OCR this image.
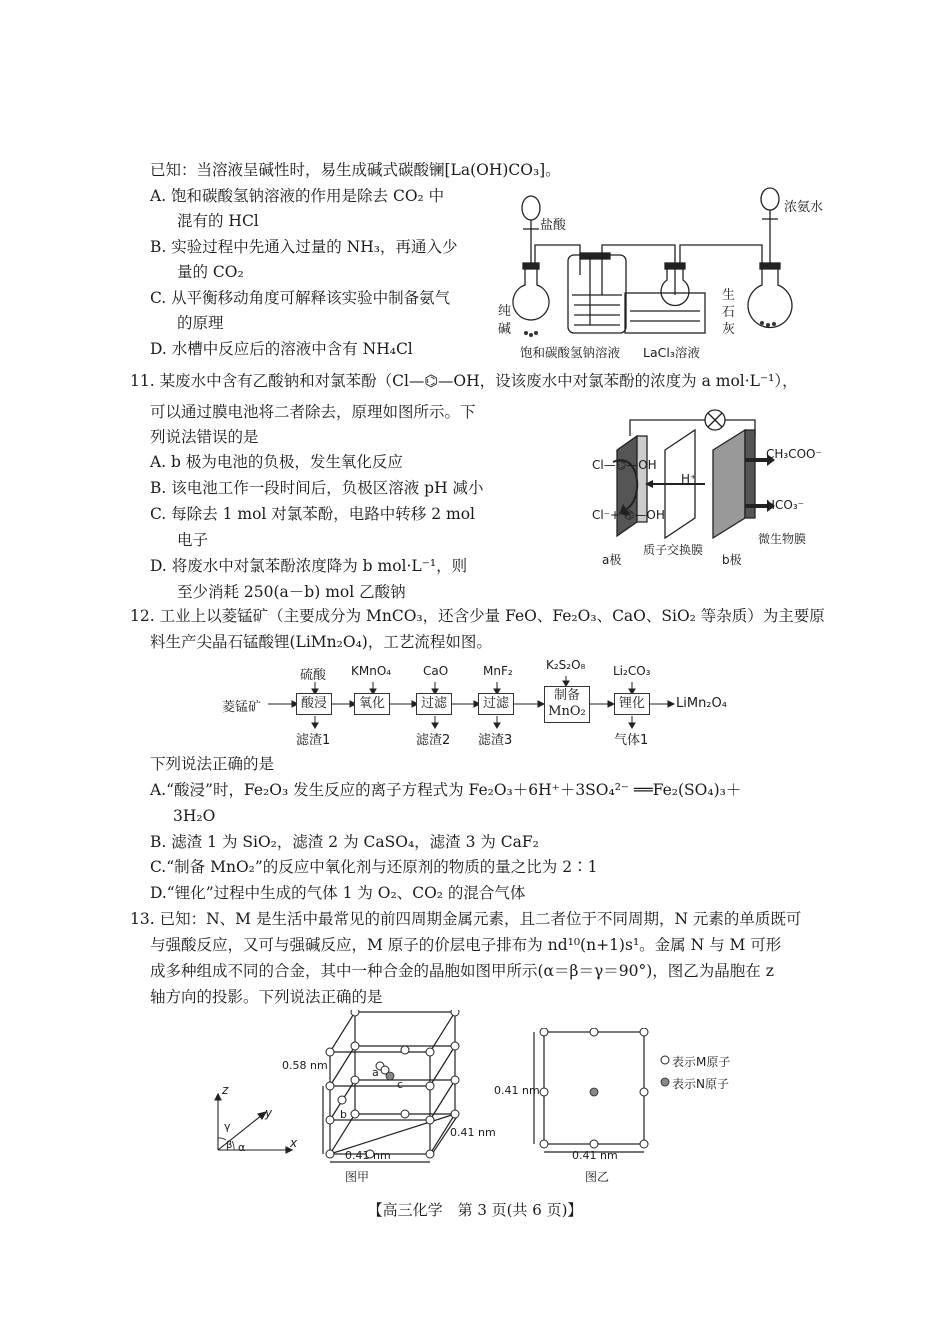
已知：当溶液呈碱性时，易生成碱式碳酸镧[La(OH)CO₃]。
A. 饱和碳酸氢钠溶液的作用是除去 CO₂ 中
混有的 HCl
B. 实验过程中先通入过量的 NH₃，再通入少
量的 CO₂
C. 从平衡移动角度可解释该实验中制备氨气
的原理
D. 水槽中反应后的溶液中含有 NH₄Cl
盐酸
浓氨水
纯
碱
生
石
灰
饱和碳酸氢钠溶液 LaCl₃溶液
11. 某废水中含有乙酸钠和对氯苯酚（Cl—⌬—OH，设该废水中对氯苯酚的浓度为 a mol·L⁻¹），
可以通过膜电池将二者除去，原理如图所示。下
列说法错误的是
A. b 极为电池的负极，发生氧化反应
B. 该电池工作一段时间后，负极区溶液 pH 减小
C. 每除去 1 mol 对氯苯酚，电路中转移 2 mol
电子
D. 将废水中对氯苯酚浓度降为 b mol·L⁻¹，则
至少消耗 250(a－b) mol 乙酸钠
Cl—⌬—OH
Cl⁻+ ⌬—OH
H⁺
CH₃COO⁻
HCO₃⁻
微生物膜
质子交换膜
a极	b极
12. 工业上以菱锰矿（主要成分为 MnCO₃，还含少量 FeO、Fe₂O₃、CaO、SiO₂ 等杂质）为主要原
料生产尖晶石锰酸锂(LiMn₂O₄)，工艺流程如图。
菱锰矿	酸浸	氧化	过滤	过滤
制备
MnO₂
锂化	LiMn₂O₄
硫酸 KMnO₄	CaO	MnF₂	K₂S₂O₈ Li₂CO₃
滤渣1	滤渣2 滤渣3	气体1
下列说法正确的是
A.“酸浸”时，Fe₂O₃ 发生反应的离子方程式为 Fe₂O₃＋6H⁺＋3SO₄²⁻ ══Fe₂(SO₄)₃＋
3H₂O
B. 滤渣 1 为 SiO₂，滤渣 2 为 CaSO₄，滤渣 3 为 CaF₂
C.“制备 MnO₂”的反应中氧化剂与还原剂的物质的量之比为 2∶1
D.“锂化”过程中生成的气体 1 为 O₂、CO₂ 的混合气体
13. 已知：N、M 是生活中最常见的前四周期金属元素，且二者位于不同周期，N 元素的单质既可
与强酸反应，又可与强碱反应，M 原子的价层电子排布为 nd¹⁰(n+1)s¹。金属 N 与 M 可形
成多种组成不同的合金，其中一种合金的晶胞如图甲所示(α＝β＝γ＝90°)，图乙为晶胞在 z
轴方向的投影。下列说法正确的是
0.58 nm
0.41 nm
0.41 nm
a
b
c
z
y
x
γ
β α
图甲
0.41 nm
0.41 nm
图乙
表示M原子
表示N原子
【高三化学　第 3 页(共 6 页)】
